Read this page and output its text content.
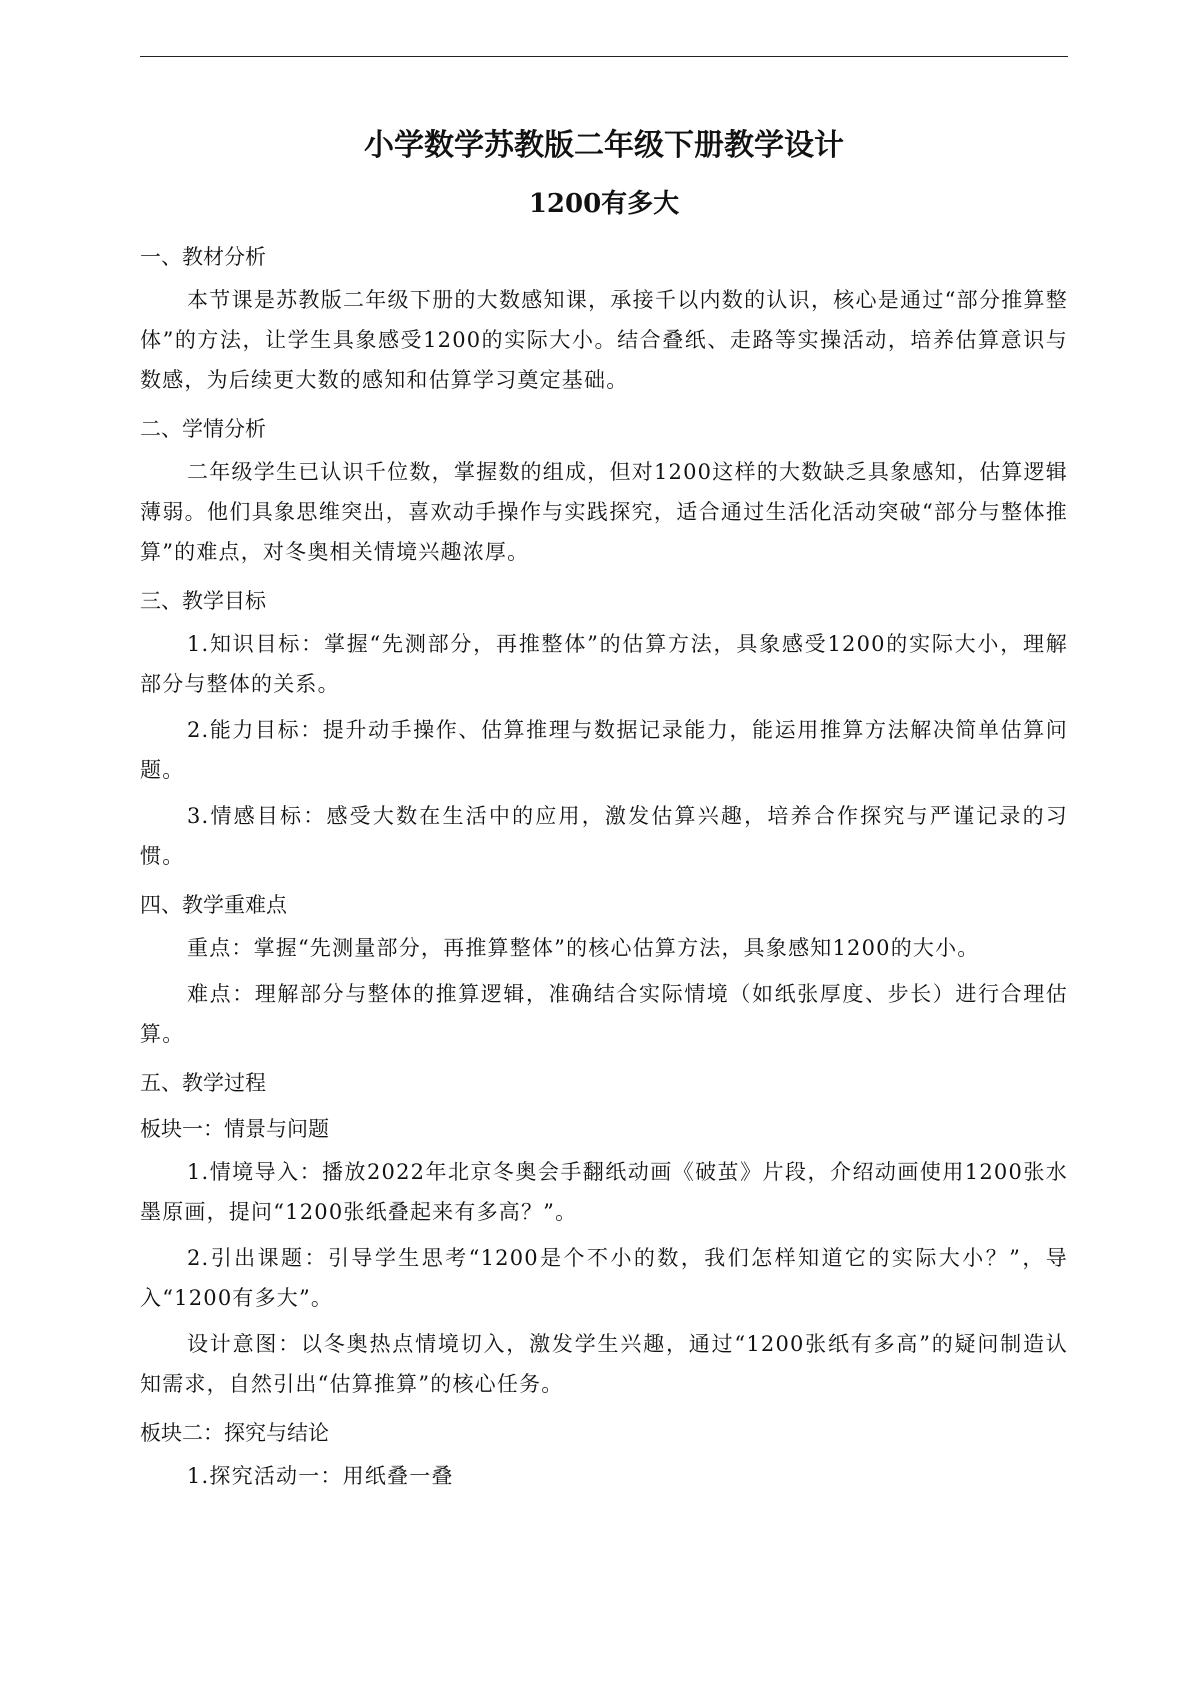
小学数学苏教版二年级下册教学设计
1200有多大
一、教材分析

本节课是苏教版二年级下册的大数感知课，承接千以内数的认识，核心是通过“部分推算整体”的方法，让学生具象感受1200的实际大小。结合叠纸、走路等实操活动，培养估算意识与数感，为后续更大数的感知和估算学习奠定基础。

二、学情分析

二年级学生已认识千位数，掌握数的组成，但对1200这样的大数缺乏具象感知，估算逻辑薄弱。他们具象思维突出，喜欢动手操作与实践探究，适合通过生活化活动突破“部分与整体推算”的难点，对冬奥相关情境兴趣浓厚。

三、教学目标

1.知识目标：掌握“先测部分，再推整体”的估算方法，具象感受1200的实际大小，理解部分与整体的关系。

2.能力目标：提升动手操作、估算推理与数据记录能力，能运用推算方法解决简单估算问题。

3.情感目标：感受大数在生活中的应用，激发估算兴趣，培养合作探究与严谨记录的习惯。

四、教学重难点

重点：掌握“先测量部分，再推算整体”的核心估算方法，具象感知1200的大小。

难点：理解部分与整体的推算逻辑，准确结合实际情境（如纸张厚度、步长）进行合理估算。

五、教学过程
板块一：情景与问题

1.情境导入：播放2022年北京冬奥会手翻纸动画《破茧》片段，介绍动画使用1200张水墨原画，提问“1200张纸叠起来有多高？”。

2.引出课题：引导学生思考“1200是个不小的数，我们怎样知道它的实际大小？”，导入“1200有多大”。

设计意图：以冬奥热点情境切入，激发学生兴趣，通过“1200张纸有多高”的疑问制造认知需求，自然引出“估算推算”的核心任务。

板块二：探究与结论

1.探究活动一：用纸叠一叠
